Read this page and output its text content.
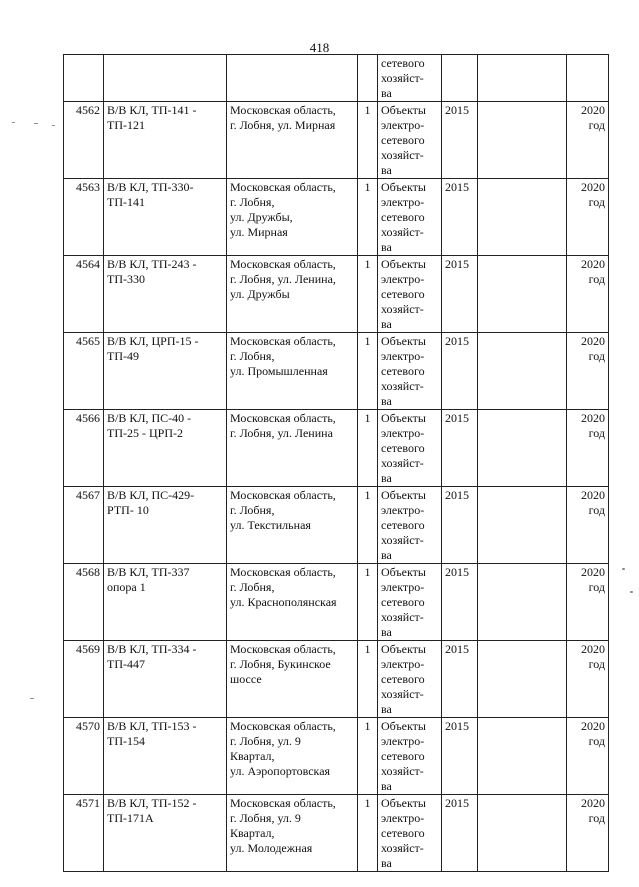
418
				сетевого
хозяйст-
ва			
4562	В/В КЛ, ТП-141 -
ТП-121	Московская область,
г. Лобня, ул. Мирная	1	Объекты
электро-
сетевого
хозяйст-
ва	2015		2020
год
4563	В/В КЛ, ТП-330-
ТП-141	Московская область,
г. Лобня,
ул. Дружбы,
ул. Мирная	1	Объекты
электро-
сетевого
хозяйст-
ва	2015		2020
год
4564	В/В КЛ, ТП-243 -
ТП-330	Московская область,
г. Лобня, ул. Ленина,
ул. Дружбы	1	Объекты
электро-
сетевого
хозяйст-
ва	2015		2020
год
4565	В/В КЛ, ЦРП-15 -
ТП-49	Московская область,
г. Лобня,
ул. Промышленная	1	Объекты
электро-
сетевого
хозяйст-
ва	2015		2020
год
4566	В/В КЛ, ПС-40 -
ТП-25 - ЦРП-2	Московская область,
г. Лобня, ул. Ленина	1	Объекты
электро-
сетевого
хозяйст-
ва	2015		2020
год
4567	В/В КЛ, ПС-429-
РТП- 10	Московская область,
г. Лобня,
ул. Текстильная	1	Объекты
электро-
сетевого
хозяйст-
ва	2015		2020
год
4568	В/В КЛ, ТП-337
опора 1	Московская область,
г. Лобня,
ул. Краснополянская	1	Объекты
электро-
сетевого
хозяйст-
ва	2015		2020
год
4569	В/В КЛ, ТП-334 -
ТП-447	Московская область,
г. Лобня, Букинское
шоссе	1	Объекты
электро-
сетевого
хозяйст-
ва	2015		2020
год
4570	В/В КЛ, ТП-153 -
ТП-154	Московская область,
г. Лобня, ул. 9
Квартал,
ул. Аэропортовская	1	Объекты
электро-
сетевого
хозяйст-
ва	2015		2020
год
4571	В/В КЛ, ТП-152 -
ТП-171А	Московская область,
г. Лобня, ул. 9
Квартал,
ул. Молодежная	1	Объекты
электро-
сетевого
хозяйст-
ва	2015		2020
год
